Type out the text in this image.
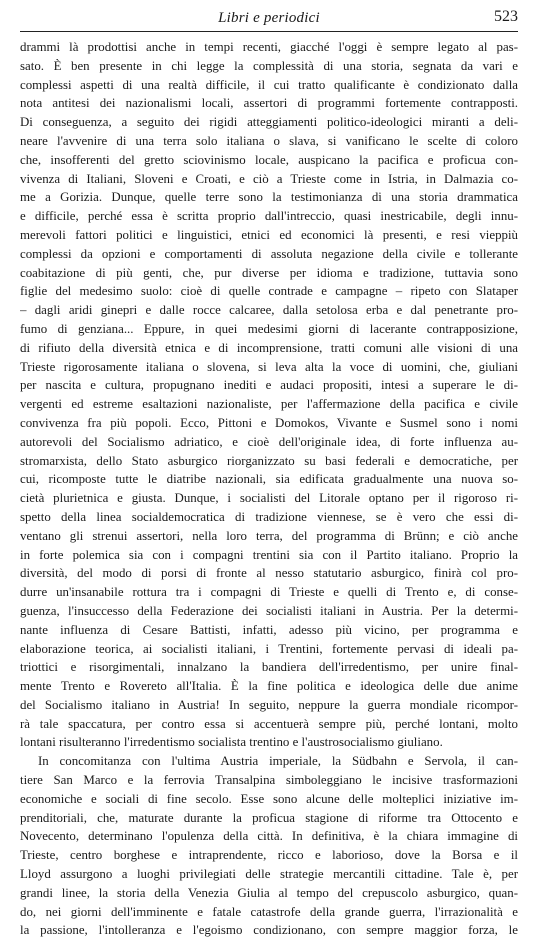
Libri e periodici	523
drammi là prodottisi anche in tempi recenti, giacché l'oggi è sempre legato al pas-
sato. È ben presente in chi legge la complessità di una storia, segnata da vari e
complessi aspetti di una realtà difficile, il cui tratto qualificante è condizionato dalla
nota antitesi dei nazionalismi locali, assertori di programmi fortemente contrapposti.
Di conseguenza, a seguito dei rigidi atteggiamenti politico-ideologici miranti a deli-
neare l'avvenire di una terra solo italiana o slava, si vanificano le scelte di coloro
che, insofferenti del gretto sciovinismo locale, auspicano la pacifica e proficua con-
vivenza di Italiani, Sloveni e Croati, e ciò a Trieste come in Istria, in Dalmazia co-
me a Gorizia. Dunque, quelle terre sono la testimonianza di una storia drammatica
e difficile, perché essa è scritta proprio dall'intreccio, quasi inestricabile, degli innu-
merevoli fattori politici e linguistici, etnici ed economici là presenti, e resi vieppiù
complessi da opzioni e comportamenti di assoluta negazione della civile e tollerante
coabitazione di più genti, che, pur diverse per idioma e tradizione, tuttavia sono
figlie del medesimo suolo: cioè di quelle contrade e campagne – ripeto con Slataper
– dagli aridi ginepri e dalle rocce calcaree, dalla setolosa erba e dal penetrante pro-
fumo di genziana... Eppure, in quei medesimi giorni di lacerante contrapposizione,
di rifiuto della diversità etnica e di incomprensione, tratti comuni alle visioni di una
Trieste rigorosamente italiana o slovena, si leva alta la voce di uomini, che, giuliani
per nascita e cultura, propugnano inediti e audaci propositi, intesi a superare le di-
vergenti ed estreme esaltazioni nazionaliste, per l'affermazione della pacifica e civile
convivenza fra più popoli. Ecco, Pittoni e Domokos, Vivante e Susmel sono i nomi
autorevoli del Socialismo adriatico, e cioè dell'originale idea, di forte influenza au-
stromarxista, dello Stato asburgico riorganizzato su basi federali e democratiche, per
cui, ricomposte tutte le diatribe nazionali, sia edificata gradualmente una nuova so-
cietà plurietnica e giusta. Dunque, i socialisti del Litorale optano per il rigoroso ri-
spetto della linea socialdemocratica di tradizione viennese, se è vero che essi di-
ventano gli strenui assertori, nella loro terra, del programma di Brünn; e ciò anche
in forte polemica sia con i compagni trentini sia con il Partito italiano. Proprio la
diversità, del modo di porsi di fronte al nesso statutario asburgico, finirà col pro-
durre un'insanabile rottura tra i compagni di Trieste e quelli di Trento e, di conse-
guenza, l'insuccesso della Federazione dei socialisti italiani in Austria. Per la determi-
nante influenza di Cesare Battisti, infatti, adesso più vicino, per programma e
elaborazione teorica, ai socialisti italiani, i Trentini, fortemente pervasi di ideali pa-
triottici e risorgimentali, innalzano la bandiera dell'irredentismo, per unire final-
mente Trento e Rovereto all'Italia. È la fine politica e ideologica delle due anime
del Socialismo italiano in Austria! In seguito, neppure la guerra mondiale ricompor-
rà tale spaccatura, per contro essa si accentuerà sempre più, perché lontani, molto
lontani risulteranno l'irredentismo socialista trentino e l'austrosocialismo giuliano.
In concomitanza con l'ultima Austria imperiale, la Südbahn e Servola, il can-
tiere San Marco e la ferrovia Transalpina simboleggiano le incisive trasformazioni
economiche e sociali di fine secolo. Esse sono alcune delle molteplici iniziative im-
prenditoriali, che, maturate durante la proficua stagione di riforme tra Ottocento e
Novecento, determinano l'opulenza della città. In definitiva, è la chiara immagine di
Trieste, centro borghese e intraprendente, ricco e laborioso, dove la Borsa e il
Lloyd assurgono a luoghi privilegiati delle strategie mercantili cittadine. Tale è, per
grandi linee, la storia della Venezia Giulia al tempo del crepuscolo asburgico, quan-
do, nei giorni dell'imminente e fatale catastrofe della grande guerra, l'irrazionalità e
la passione, l'intolleranza e l'egoismo condizionano, con sempre maggior forza, le
